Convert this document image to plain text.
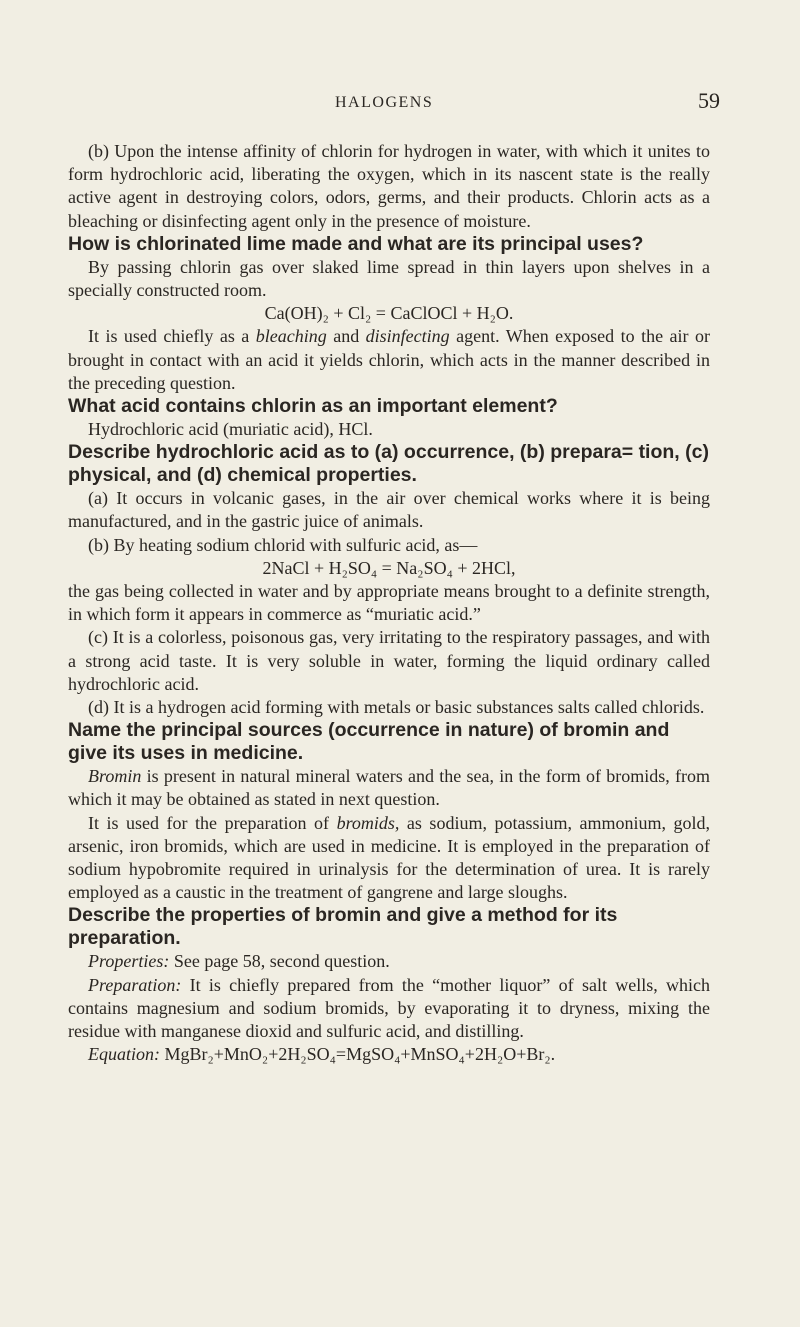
HALOGENS	59

(b) Upon the intense affinity of chlorin for hydrogen in water, with which it unites to form hydrochloric acid, liberating the oxygen, which in its nascent state is the really active agent in destroying colors, odors, germs, and their products. Chlorin acts as a bleaching or disinfecting agent only in the presence of moisture.

How is chlorinated lime made and what are its principal uses?

By passing chlorin gas over slaked lime spread in thin layers upon shelves in a specially constructed room.

Ca(OH)₂ + Cl₂ = CaClOCl + H₂O.

It is used chiefly as a bleaching and disinfecting agent. When exposed to the air or brought in contact with an acid it yields chlorin, which acts in the manner described in the preceding question.

What acid contains chlorin as an important element?

Hydrochloric acid (muriatic acid), HCl.

Describe hydrochloric acid as to (a) occurrence, (b) prepara= tion, (c) physical, and (d) chemical properties.

(a) It occurs in volcanic gases, in the air over chemical works where it is being manufactured, and in the gastric juice of animals.

(b) By heating sodium chlorid with sulfuric acid, as—

2NaCl + H₂SO₄ = Na₂SO₄ + 2HCl,

the gas being collected in water and by appropriate means brought to a definite strength, in which form it appears in commerce as “muriatic acid.”

(c) It is a colorless, poisonous gas, very irritating to the respiratory passages, and with a strong acid taste. It is very soluble in water, forming the liquid ordinary called hydrochloric acid.

(d) It is a hydrogen acid forming with metals or basic substances salts called chlorids.

Name the principal sources (occurrence in nature) of bromin and give its uses in medicine.

Bromin is present in natural mineral waters and the sea, in the form of bromids, from which it may be obtained as stated in next question.

It is used for the preparation of bromids, as sodium, potassium, ammonium, gold, arsenic, iron bromids, which are used in medicine. It is employed in the preparation of sodium hypobromite required in urinalysis for the determination of urea. It is rarely employed as a caustic in the treatment of gangrene and large sloughs.

Describe the properties of bromin and give a method for its preparation.

Properties: See page 58, second question.

Preparation: It is chiefly prepared from the “mother liquor” of salt wells, which contains magnesium and sodium bromids, by evaporating it to dryness, mixing the residue with manganese dioxid and sulfuric acid, and distilling.

Equation: MgBr₂+MnO₂+2H₂SO₄=MgSO₄+MnSO₄+2H₂O+Br₂.
